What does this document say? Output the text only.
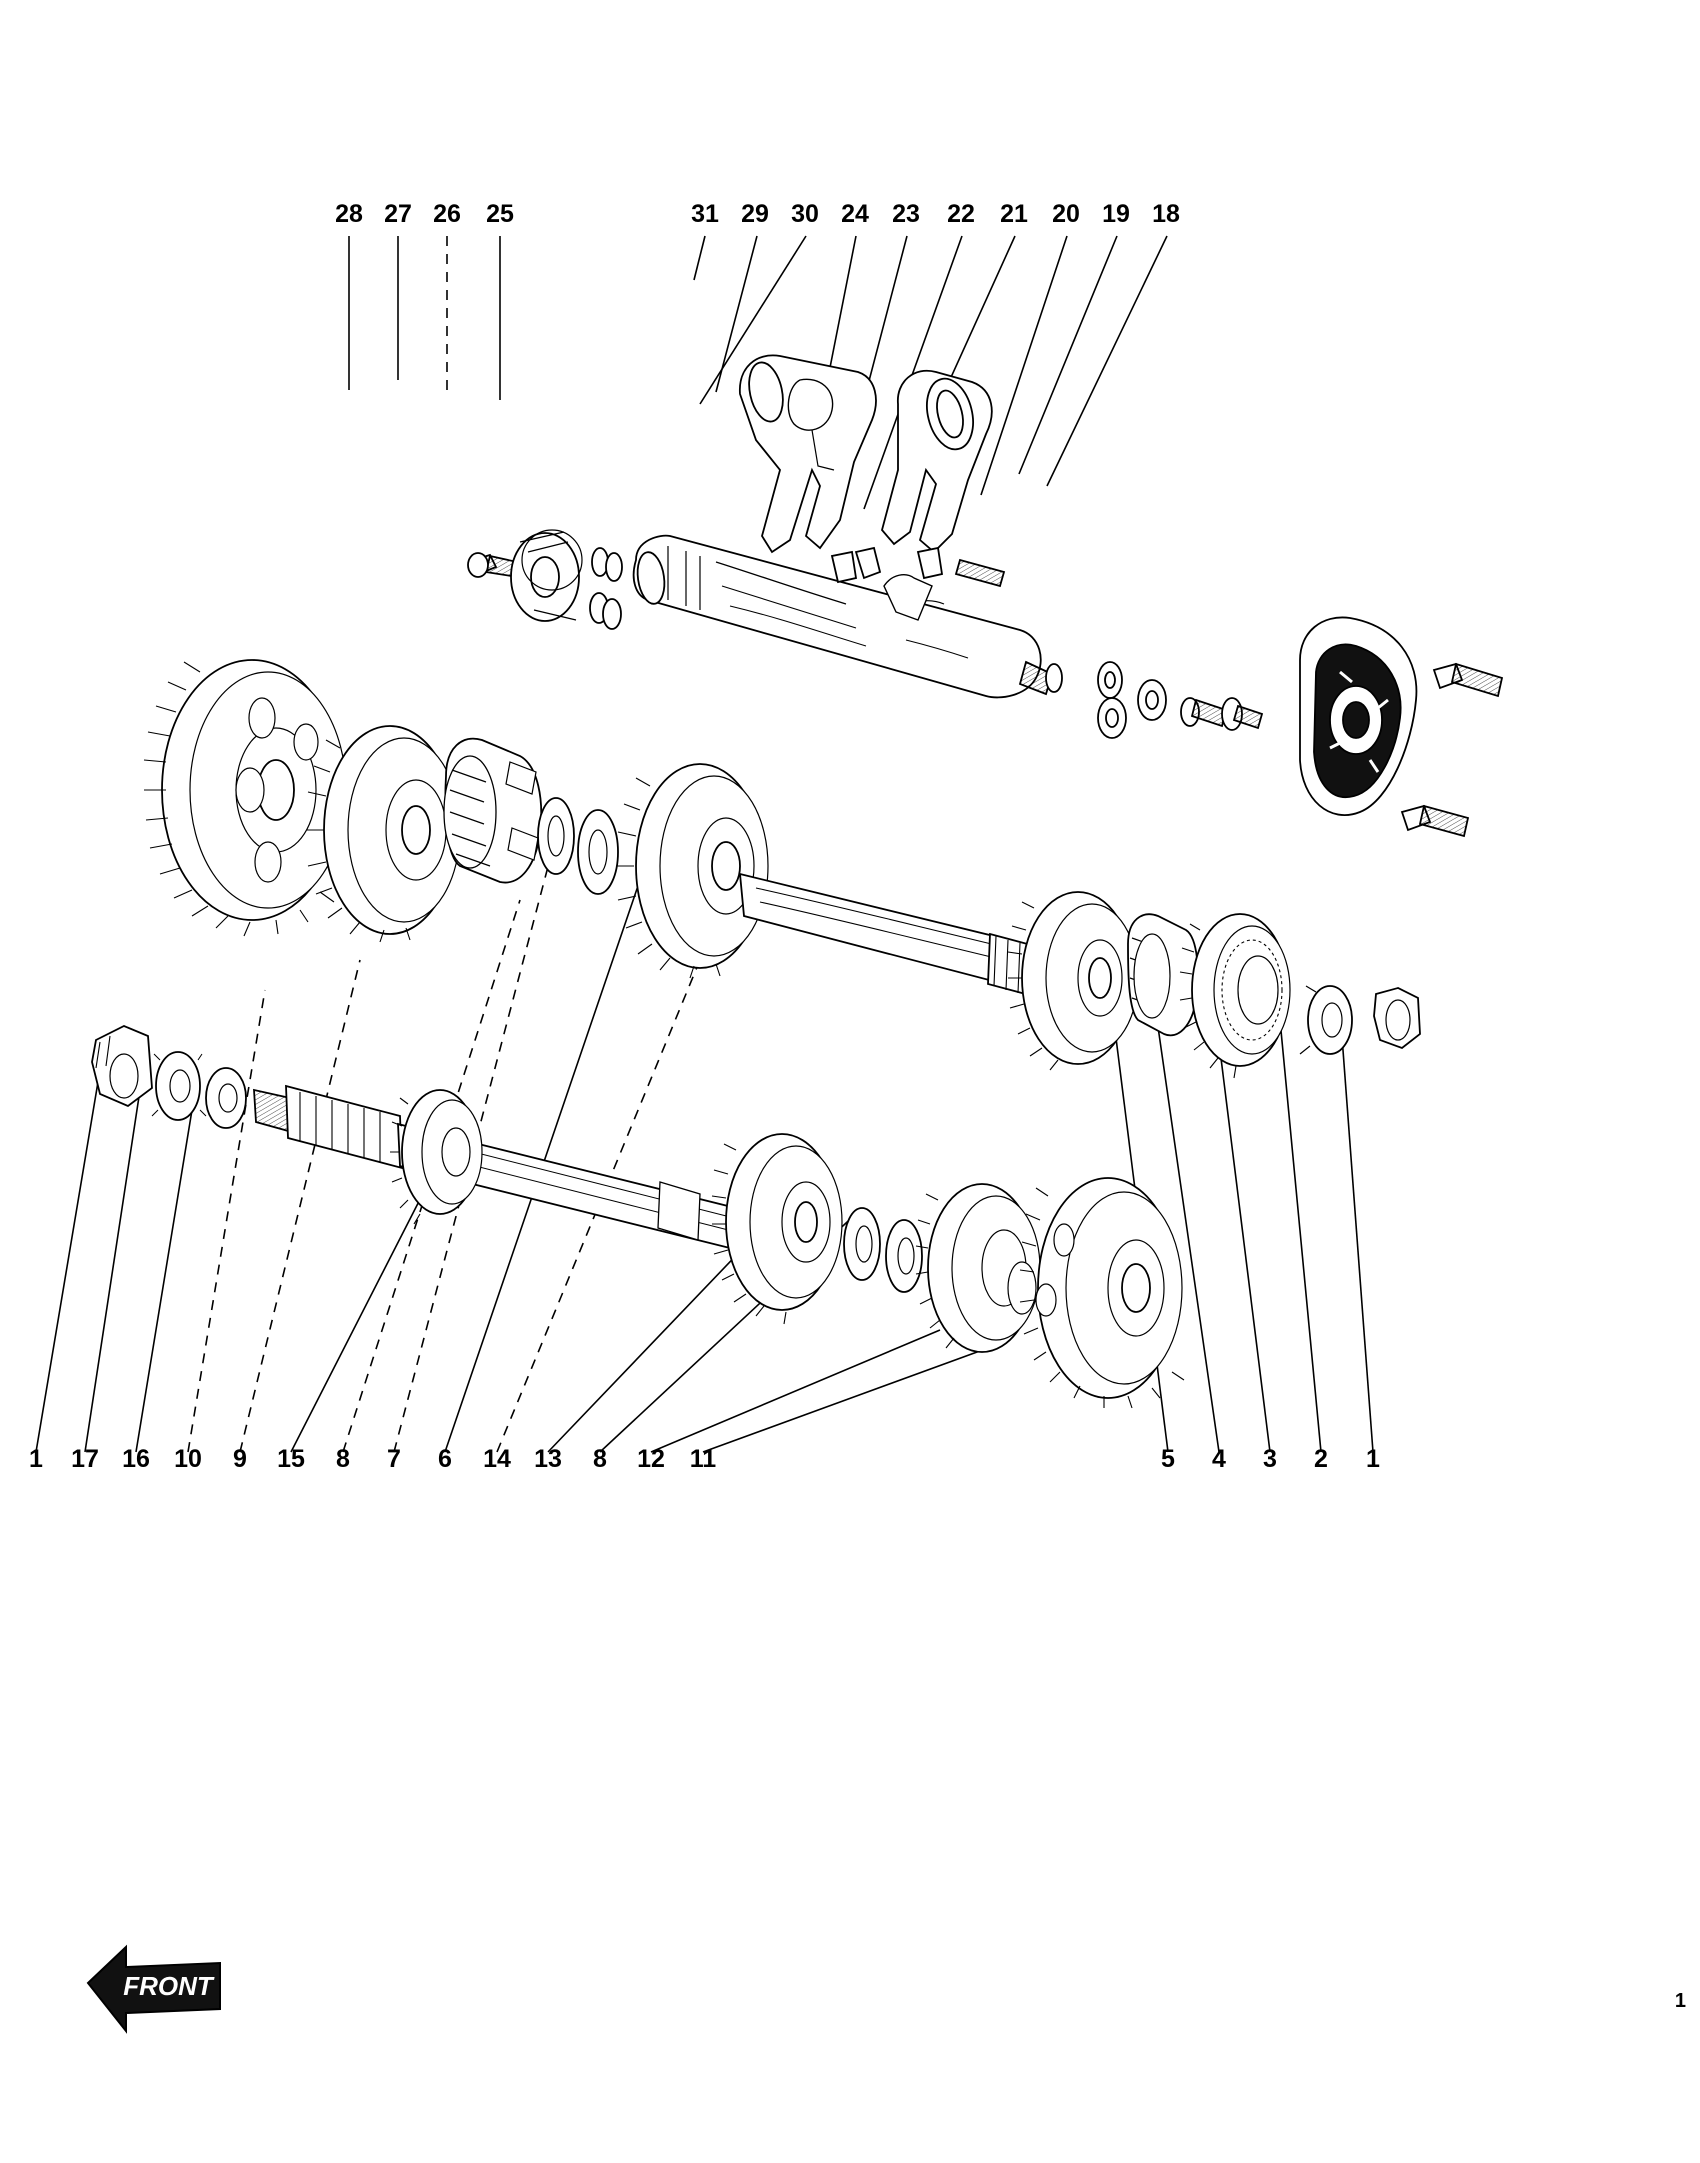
28 27 26 25	31 29 30 24 23 22 21 20 19 18
1	17 16 10	9	15	8	7	6	14 13	8	12 11	5	4	3	2	1
FRONT	1
